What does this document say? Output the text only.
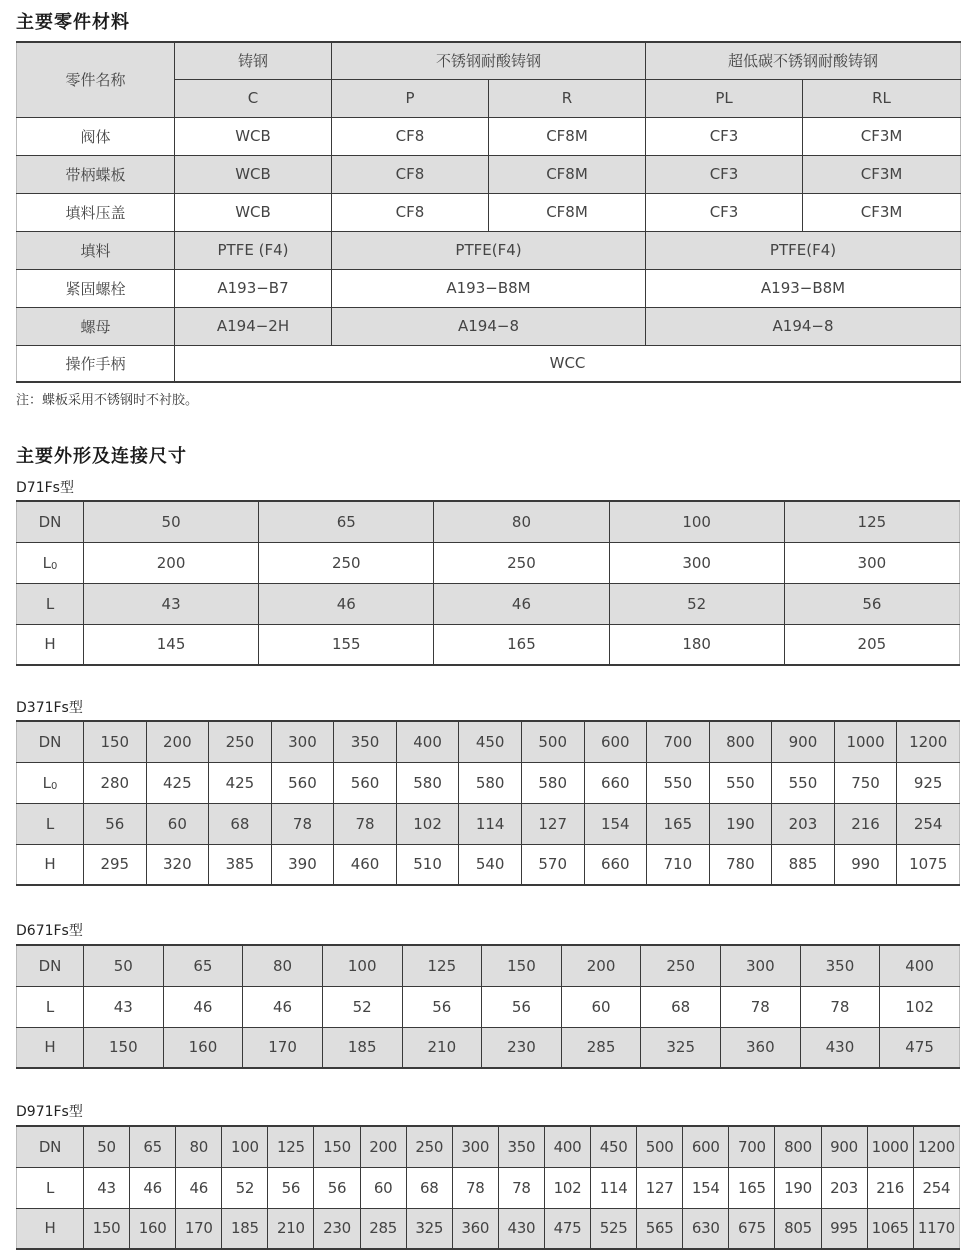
主要零件材料
零件名称	铸钢	不锈钢耐酸铸钢		超低碳不锈钢耐酸铸钢	
	C	P	R	PL	RL
阀体	WCB	CF8	CF8M	CF3	CF3M
带柄蝶板	WCB	CF8	CF8M	CF3	CF3M
填料压盖	WCB	CF8	CF8M	CF3	CF3M
填料	PTFE (F4)	PTFE(F4)		PTFE(F4)	
紧固螺栓	A193−B7	A193−B8M		A193−B8M	
螺母	A194−2H	A194−8		A194−8	
操作手柄	WCC				
注：蝶板采用不锈钢时不衬胶。
主要外形及连接尺寸
D71Fs型
DN	50	65	80	100	125
$L_0$	200	250	250	300	300
L	43	46	46	52	56
H	145	155	165	180	205
D371Fs型
DN	150	200	250	300	350	400	450	500	600	700	800	900	1000	1200
$L_0$	280	425	425	560	560	580	580	580	660	550	550	550	750	925
L	56	60	68	78	78	102	114	127	154	165	190	203	216	254
H	295	320	385	390	460	510	540	570	660	710	780	885	990	1075
D671Fs型
DN	50	65	80	100	125	150	200	250	300	350	400
L	43	46	46	52	56	56	60	68	78	78	102
H	150	160	170	185	210	230	285	325	360	430	475
D971Fs型
DN	50	65	80	100	125	150	200	250	300	350	400	450	500	600	700	800	900	1000	1200
L	43	46	46	52	56	56	60	68	78	78	102	114	127	154	165	190	203	216	254
H	150	160	170	185	210	230	285	325	360	430	475	525	565	630	675	805	995	1065	1170
